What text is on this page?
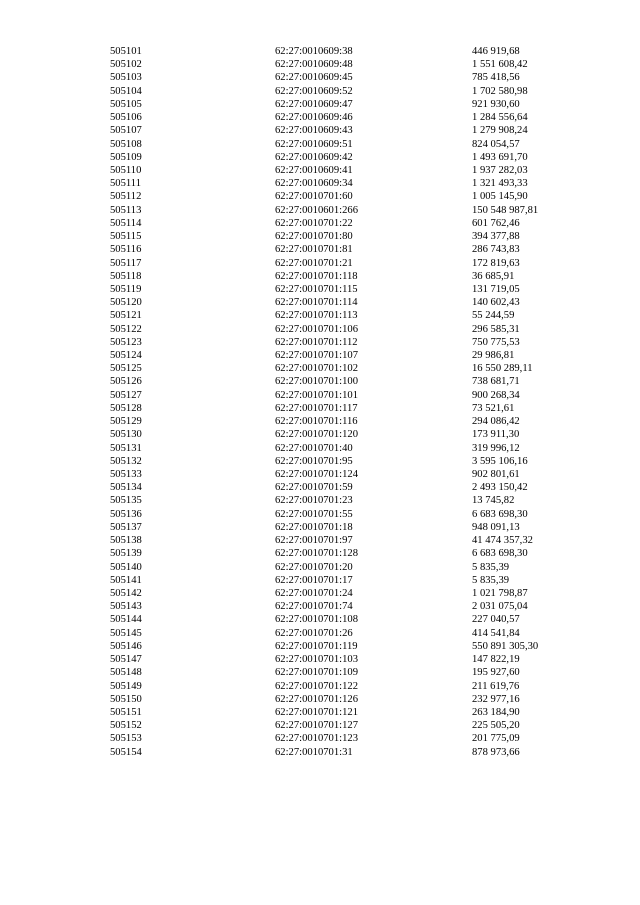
505101	62:27:0010609:38	446 919,68
505102	62:27:0010609:48	1 551 608,42
505103	62:27:0010609:45	785 418,56
505104	62:27:0010609:52	1 702 580,98
505105	62:27:0010609:47	921 930,60
505106	62:27:0010609:46	1 284 556,64
505107	62:27:0010609:43	1 279 908,24
505108	62:27:0010609:51	824 054,57
505109	62:27:0010609:42	1 493 691,70
505110	62:27:0010609:41	1 937 282,03
505111	62:27:0010609:34	1 321 493,33
505112	62:27:0010701:60	1 005 145,90
505113	62:27:0010601:266	150 548 987,81
505114	62:27:0010701:22	601 762,46
505115	62:27:0010701:80	394 377,88
505116	62:27:0010701:81	286 743,83
505117	62:27:0010701:21	172 819,63
505118	62:27:0010701:118	36 685,91
505119	62:27:0010701:115	131 719,05
505120	62:27:0010701:114	140 602,43
505121	62:27:0010701:113	55 244,59
505122	62:27:0010701:106	296 585,31
505123	62:27:0010701:112	750 775,53
505124	62:27:0010701:107	29 986,81
505125	62:27:0010701:102	16 550 289,11
505126	62:27:0010701:100	738 681,71
505127	62:27:0010701:101	900 268,34
505128	62:27:0010701:117	73 521,61
505129	62:27:0010701:116	294 086,42
505130	62:27:0010701:120	173 911,30
505131	62:27:0010701:40	319 996,12
505132	62:27:0010701:95	3 595 106,16
505133	62:27:0010701:124	902 801,61
505134	62:27:0010701:59	2 493 150,42
505135	62:27:0010701:23	13 745,82
505136	62:27:0010701:55	6 683 698,30
505137	62:27:0010701:18	948 091,13
505138	62:27:0010701:97	41 474 357,32
505139	62:27:0010701:128	6 683 698,30
505140	62:27:0010701:20	5 835,39
505141	62:27:0010701:17	5 835,39
505142	62:27:0010701:24	1 021 798,87
505143	62:27:0010701:74	2 031 075,04
505144	62:27:0010701:108	227 040,57
505145	62:27:0010701:26	414 541,84
505146	62:27:0010701:119	550 891 305,30
505147	62:27:0010701:103	147 822,19
505148	62:27:0010701:109	195 927,60
505149	62:27:0010701:122	211 619,76
505150	62:27:0010701:126	232 977,16
505151	62:27:0010701:121	263 184,90
505152	62:27:0010701:127	225 505,20
505153	62:27:0010701:123	201 775,09
505154	62:27:0010701:31	878 973,66
